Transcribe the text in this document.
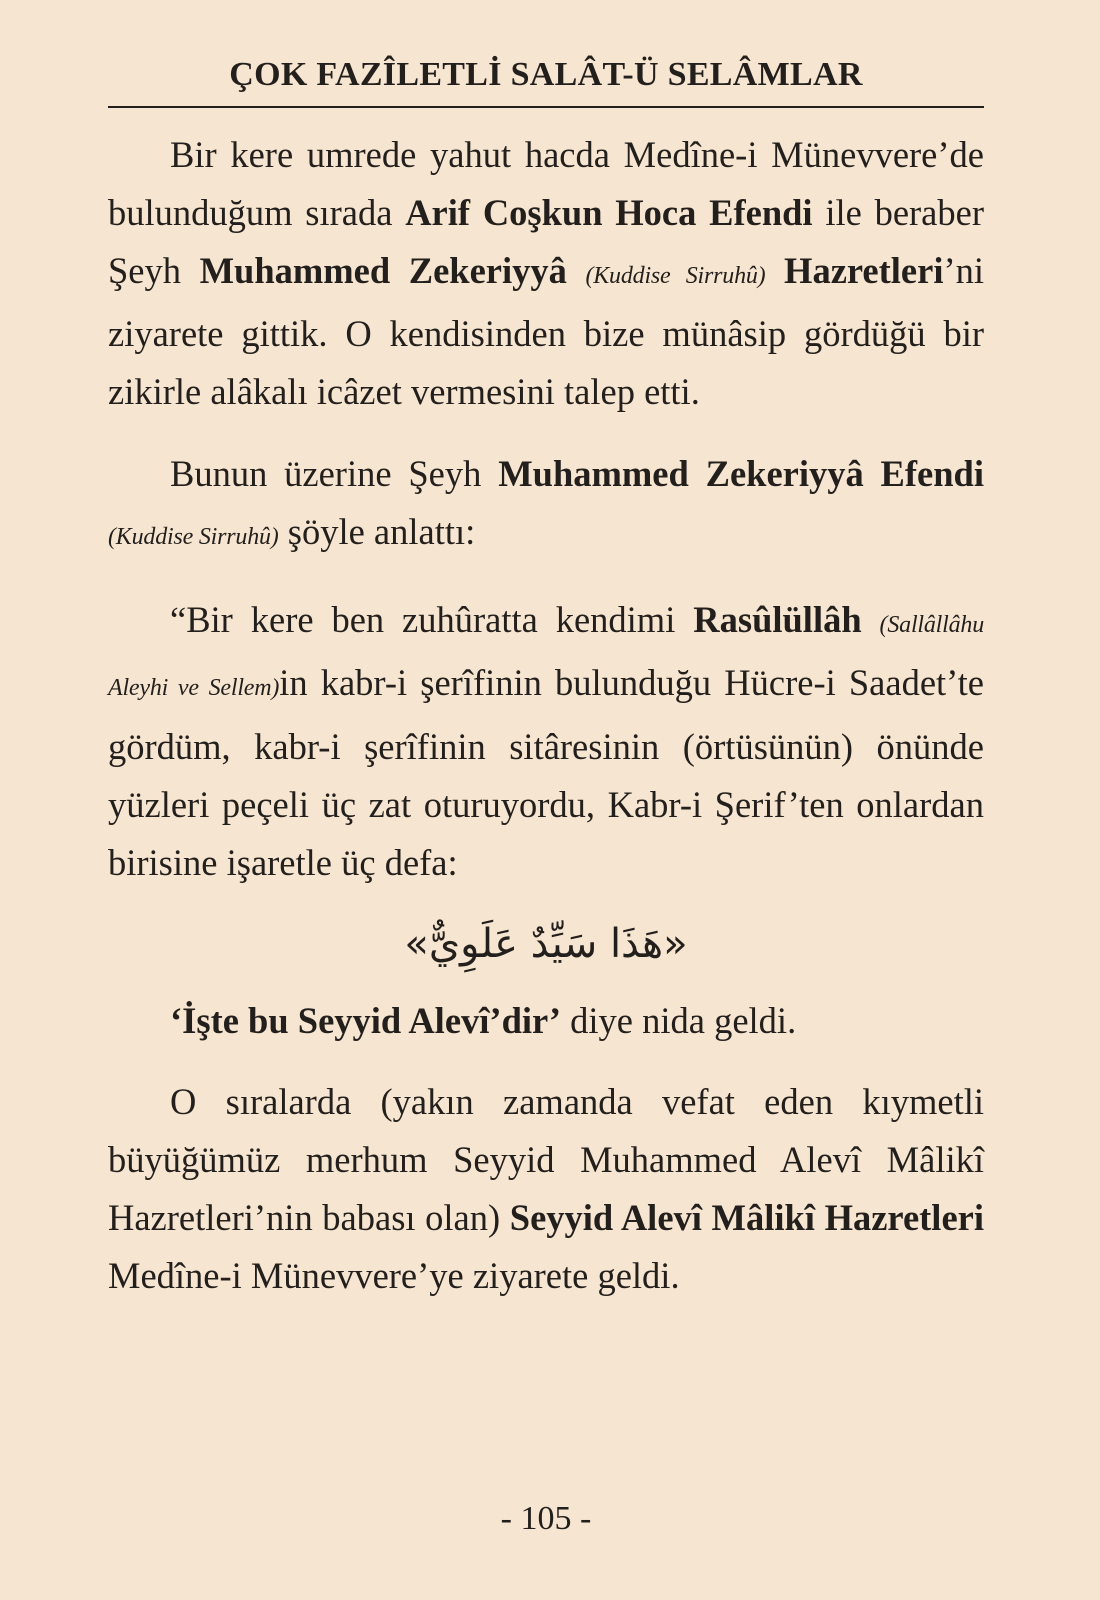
ÇOK FAZÎLETLİ SALÂT-Ü SELÂMLAR

Bir kere umrede yahut hacda Medîne-i Münevvere’de bulunduğum sırada Arif Coşkun Hoca Efendi ile beraber Şeyh Muhammed Zekeriyyâ (Kuddise Sirruhû) Hazretleri’ni ziyarete gittik. O kendisinden bize münâsip gördüğü bir zikirle alâkalı icâzet vermesini talep etti.

Bunun üzerine Şeyh Muhammed Zekeriyyâ Efendi (Kuddise Sirruhû) şöyle anlattı:

“Bir kere ben zuhûratta kendimi Rasûlüllâh (Sallâllâhu Aleyhi ve Sellem)in kabr-i şerîfinin bulunduğu Hücre-i Saadet’te gördüm, kabr-i şerîfinin sitâresinin (örtüsünün) önünde yüzleri peçeli üç zat oturuyordu, Kabr-i Şerif’ten onlardan birisine işaretle üç defa:

«هَذَا سَيِّدٌ عَلَوِيٌّ»

‘İşte bu Seyyid Alevî’dir’ diye nida geldi.

O sıralarda (yakın zamanda vefat eden kıymetli büyüğümüz merhum Seyyid Muhammed Alevî Mâlikî Hazretleri’nin babası olan) Seyyid Alevî Mâlikî Hazretleri Medîne-i Münevvere’ye ziyarete geldi.

- 105 -
